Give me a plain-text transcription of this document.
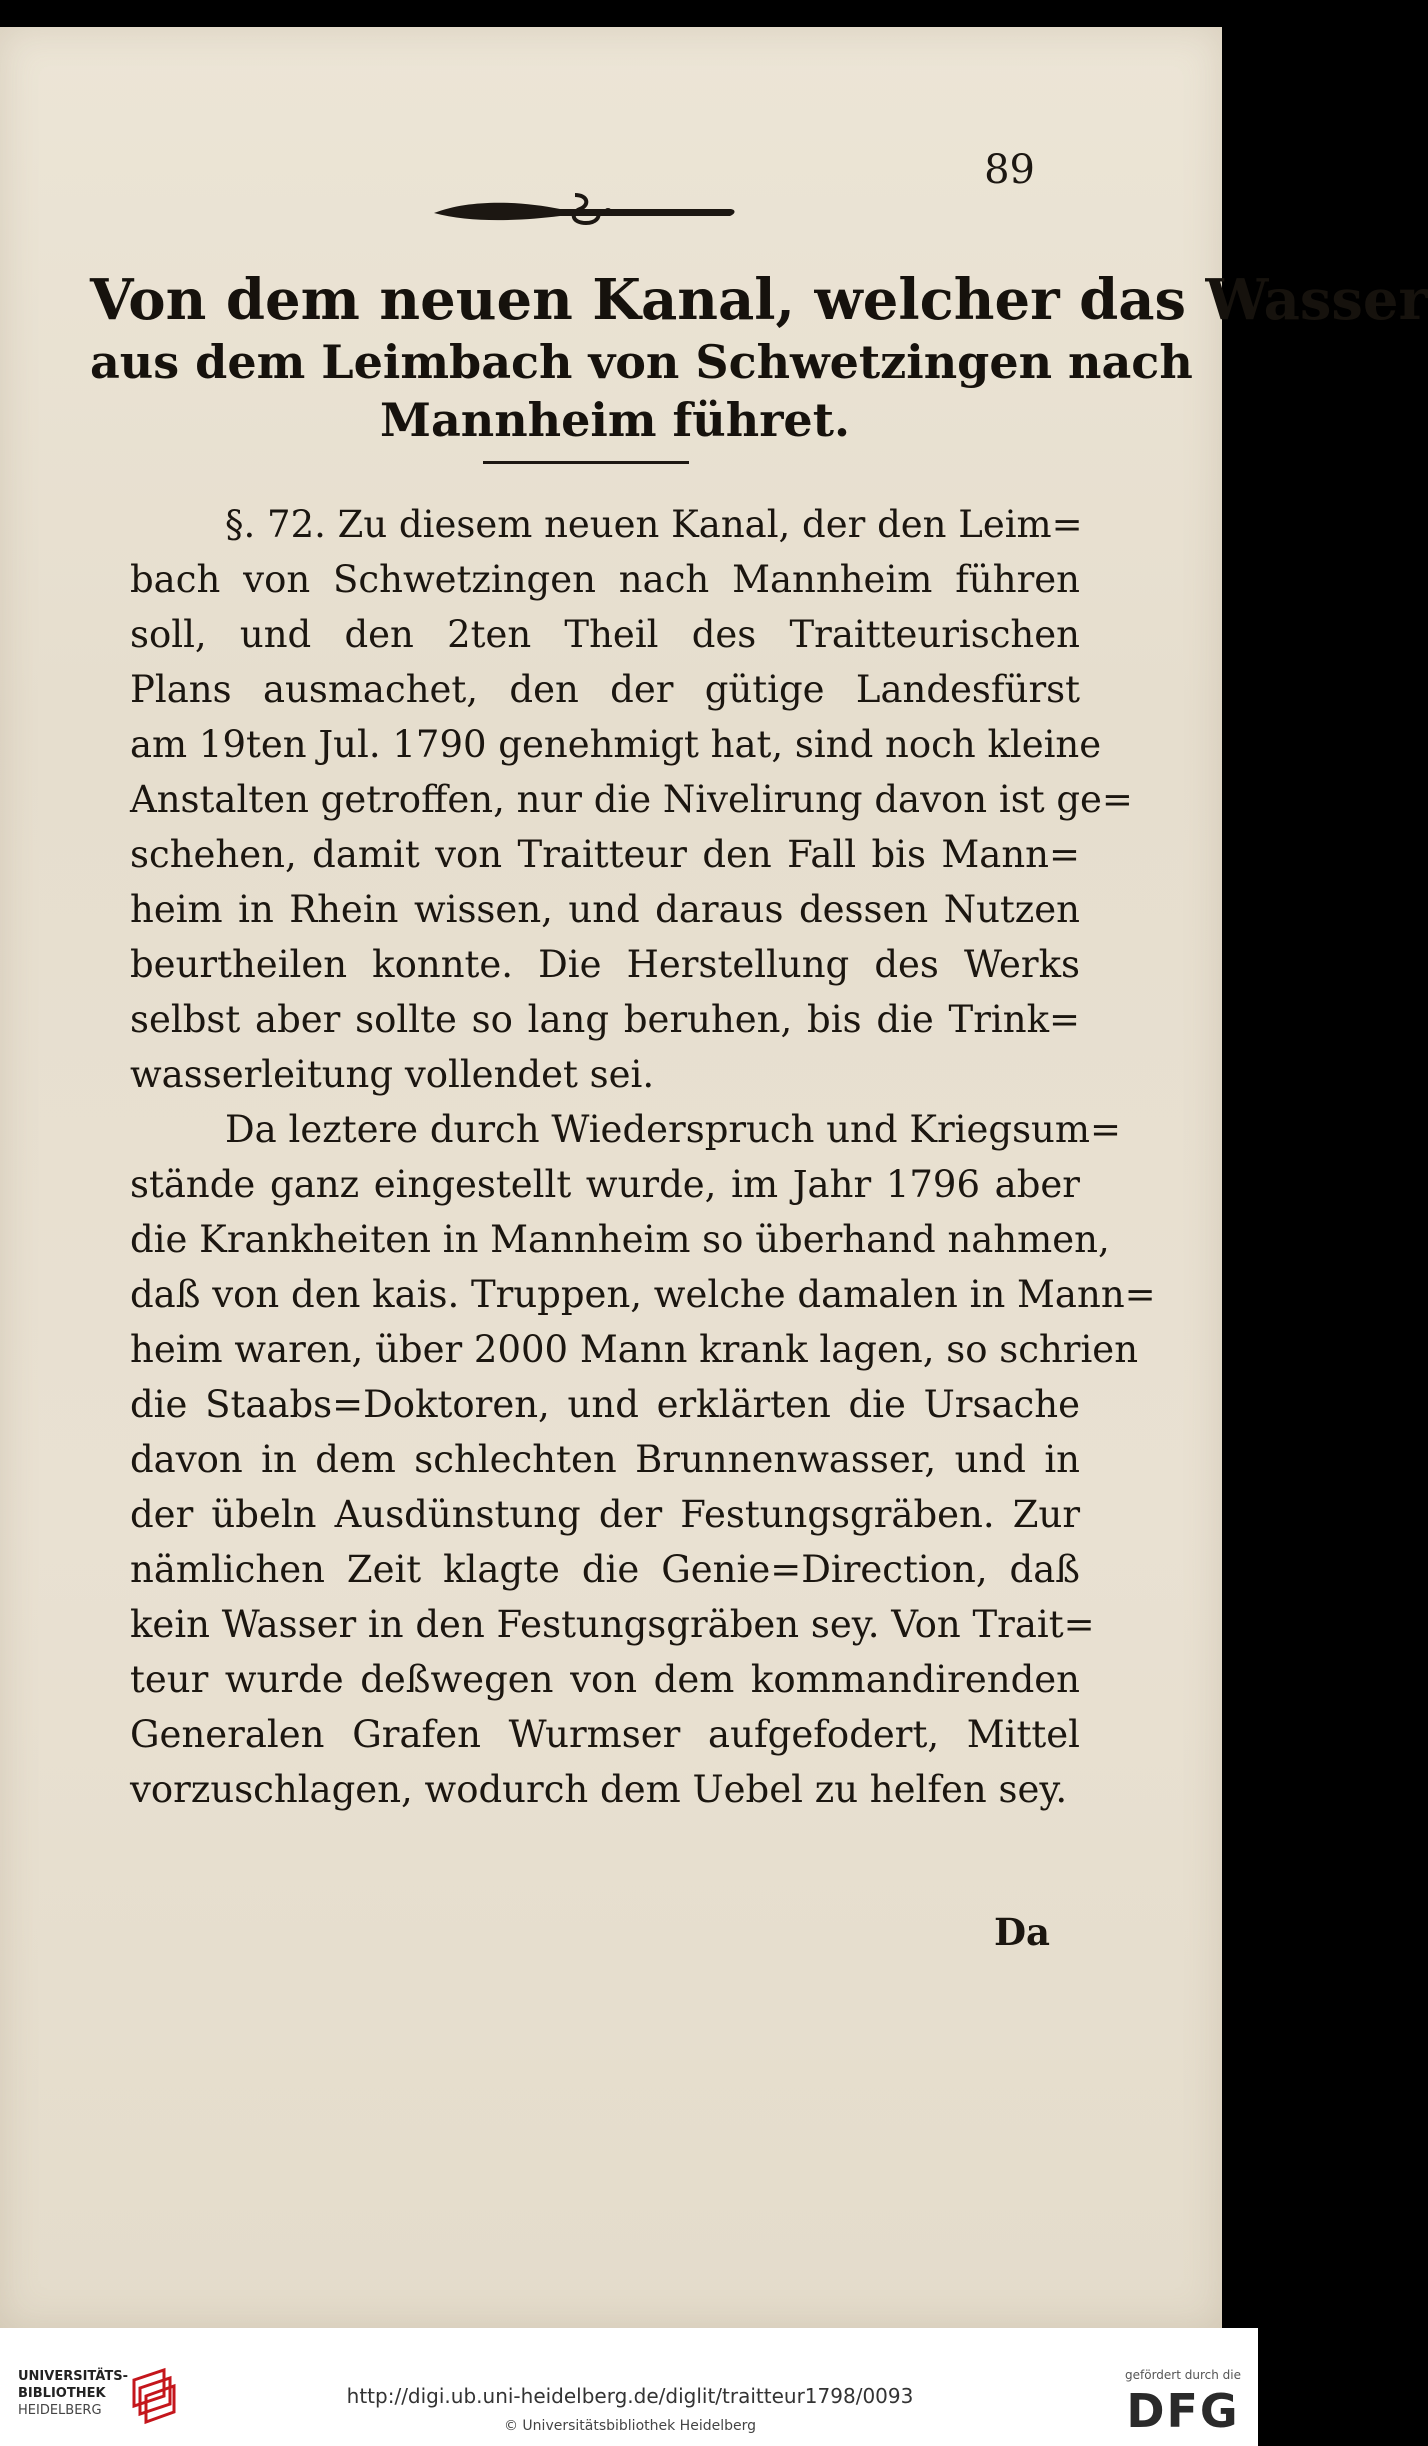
89
Von dem neuen Kanal, welcher das Wasser
aus dem Leimbach von Schwetzingen nach
Mannheim führet.
§. 72. Zu diesem neuen Kanal, der den Leim=
bach von Schwetzingen nach Mannheim führen
soll, und den 2ten Theil des Traitteurischen
Plans ausmachet, den der gütige Landesfürst
am 19ten Jul. 1790 genehmigt hat, sind noch kleine
Anstalten getroffen, nur die Nivelirung davon ist ge=
schehen, damit von Traitteur den Fall bis Mann=
heim in Rhein wissen, und daraus dessen Nutzen
beurtheilen konnte. Die Herstellung des Werks
selbst aber sollte so lang beruhen, bis die Trink=
wasserleitung vollendet sei.
Da leztere durch Wiederspruch und Kriegsum=
stände ganz eingestellt wurde, im Jahr 1796 aber
die Krankheiten in Mannheim so überhand nahmen,
daß von den kais. Truppen, welche damalen in Mann=
heim waren, über 2000 Mann krank lagen, so schrien
die Staabs=Doktoren, und erklärten die Ursache
davon in dem schlechten Brunnenwasser, und in
der übeln Ausdünstung der Festungsgräben. Zur
nämlichen Zeit klagte die Genie=Direction, daß
kein Wasser in den Festungsgräben sey. Von Trait=
teur wurde deßwegen von dem kommandirenden
Generalen Grafen Wurmser aufgefodert, Mittel
vorzuschlagen, wodurch dem Uebel zu helfen sey.
Da
UNIVERSITÄTS-
BIBLIOTHEK
HEIDELBERG
http://digi.ub.uni-heidelberg.de/diglit/traitteur1798/0093
© Universitätsbibliothek Heidelberg
gefördert durch die
DFG
